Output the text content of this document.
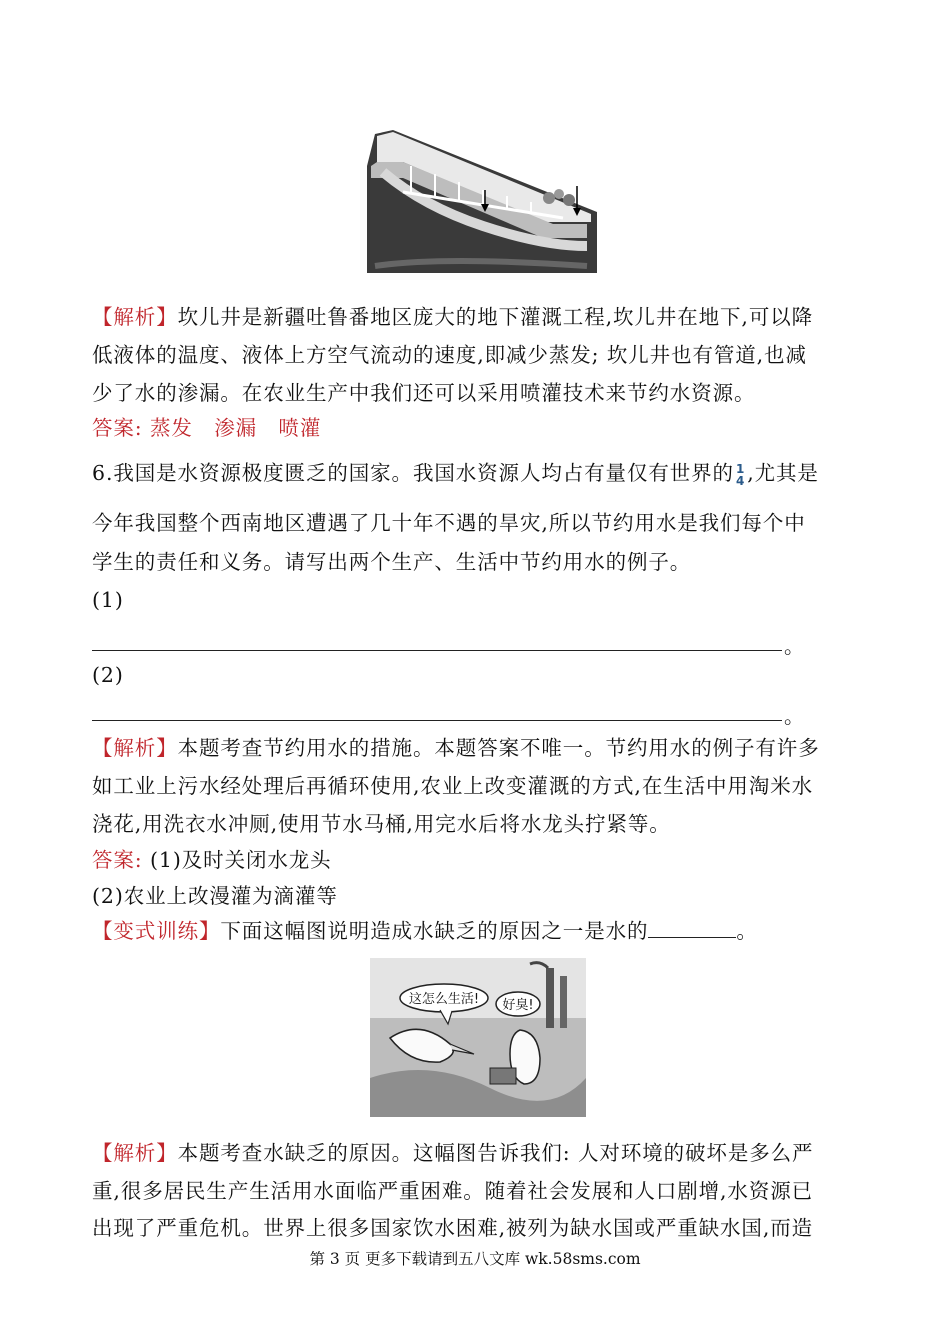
【解析】坎儿井是新疆吐鲁番地区庞大的地下灌溉工程,坎儿井在地下,可以降
低液体的温度、液体上方空气流动的速度,即减少蒸发; 坎儿井也有管道,也减
少了水的渗漏。在农业生产中我们还可以采用喷灌技术来节约水资源。
答案: 蒸发　渗漏　喷灌
6.我国是水资源极度匮乏的国家。我国水资源人均占有量仅有世界的 1
4 ,尤其是
今年我国整个西南地区遭遇了几十年不遇的旱灾,所以节约用水是我们每个中
学生的责任和义务。请写出两个生产、生活中节约用水的例子。
(1)
。
(2)
。
【解析】本题考查节约用水的措施。本题答案不唯一。节约用水的例子有许多
如工业上污水经处理后再循环使用,农业上改变灌溉的方式,在生活中用淘米水
浇花,用洗衣水冲厕,使用节水马桶,用完水后将水龙头拧紧等。
答案: (1)及时关闭水龙头
(2)农业上改漫灌为滴灌等
【变式训练】下面这幅图说明造成水缺乏的原因之一是水的	。
这怎么生活! 好臭!
【解析】本题考查水缺乏的原因。这幅图告诉我们: 人对环境的破坏是多么严
重,很多居民生产生活用水面临严重困难。随着社会发展和人口剧增,水资源已
出现了严重危机。世界上很多国家饮水困难,被列为缺水国或严重缺水国,而造
第 3 页 更多下载请到五八文库 wk.58sms.com
